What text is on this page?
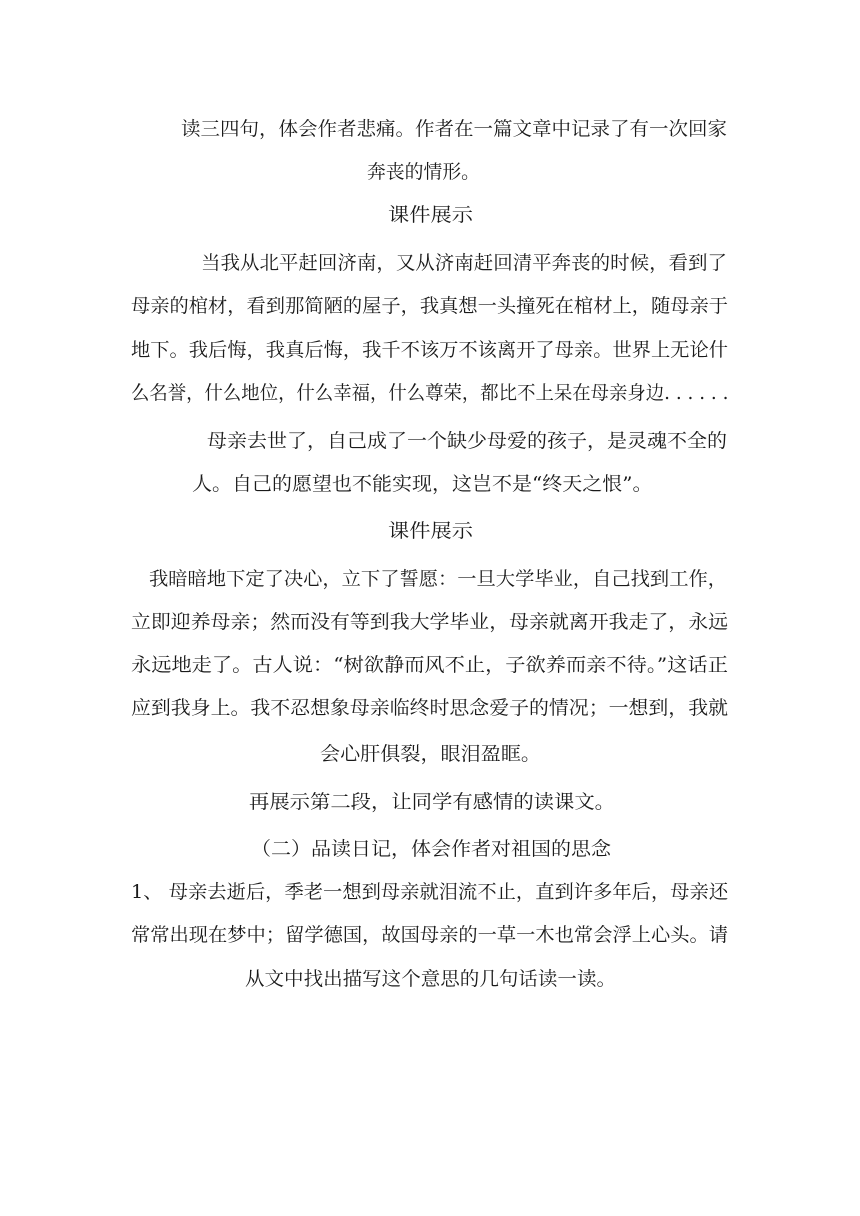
读三四句，体会作者悲痛。作者在一篇文章中记录了有一次回家
奔丧的情形。
课件展示
当我从北平赶回济南，又从济南赶回清平奔丧的时候，看到了
母亲的棺材，看到那简陋的屋子，我真想一头撞死在棺材上，随母亲于
地下。我后悔，我真后悔，我千不该万不该离开了母亲。世界上无论什
么名誉，什么地位，什么幸福，什么尊荣，都比不上呆在母亲身边. . . . . .
母亲去世了，自己成了一个缺少母爱的孩子，是灵魂不全的
人。自己的愿望也不能实现，这岂不是“终天之恨”。
课件展示
我暗暗地下定了决心，立下了誓愿：一旦大学毕业，自己找到工作，
立即迎养母亲；然而没有等到我大学毕业，母亲就离开我走了，永远
永远地走了。古人说：“树欲静而风不止，子欲养而亲不待。”这话正
应到我身上。我不忍想象母亲临终时思念爱子的情况；一想到，我就
会心肝俱裂，眼泪盈眶。
再展示第二段，让同学有感情的读课文。
（二）品读日记，体会作者对祖国的思念
1、 母亲去逝后，季老一想到母亲就泪流不止，直到许多年后，母亲还
常常出现在梦中；留学德国，故国母亲的一草一木也常会浮上心头。请
从文中找出描写这个意思的几句话读一读。
